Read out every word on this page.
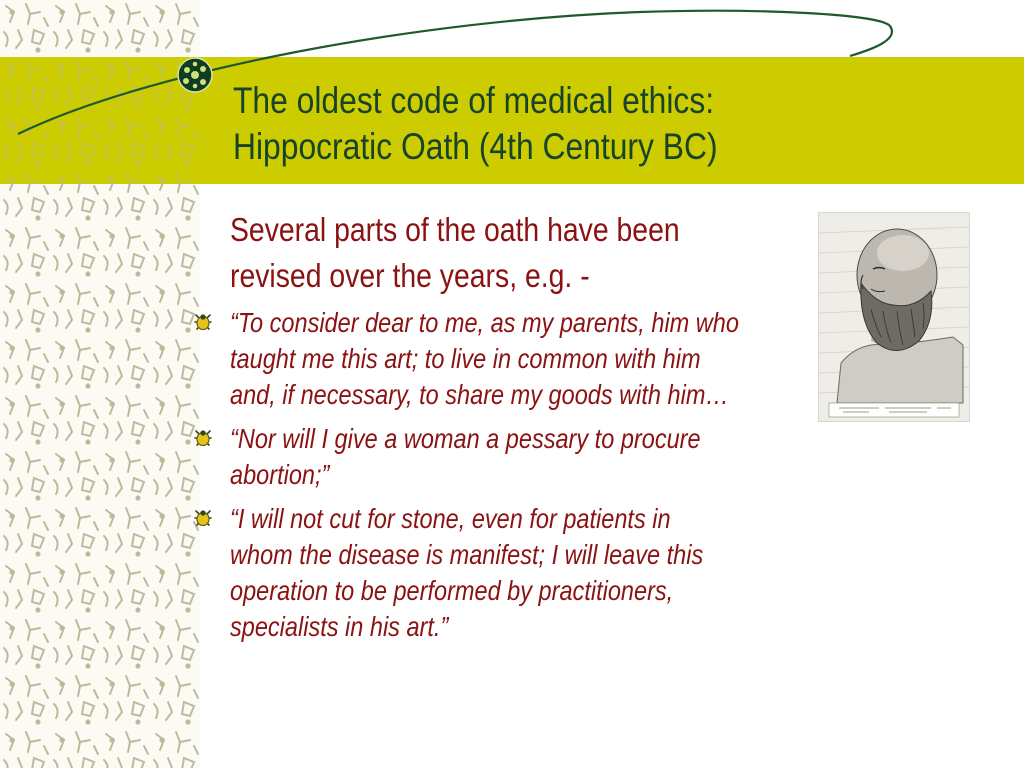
The oldest code of medical ethics:
Hippocratic Oath (4th Century BC)

Several parts of the oath have been
revised over the years, e.g. -

“To consider dear to me, as my parents, him who
taught me this art; to live in common with him
and, if necessary, to share my goods with him…
“Nor will I give a woman a pessary to procure
abortion;”
“I will not cut for stone, even for patients in
whom the disease is manifest; I will leave this
operation to be performed by practitioners,
specialists in his art.”
